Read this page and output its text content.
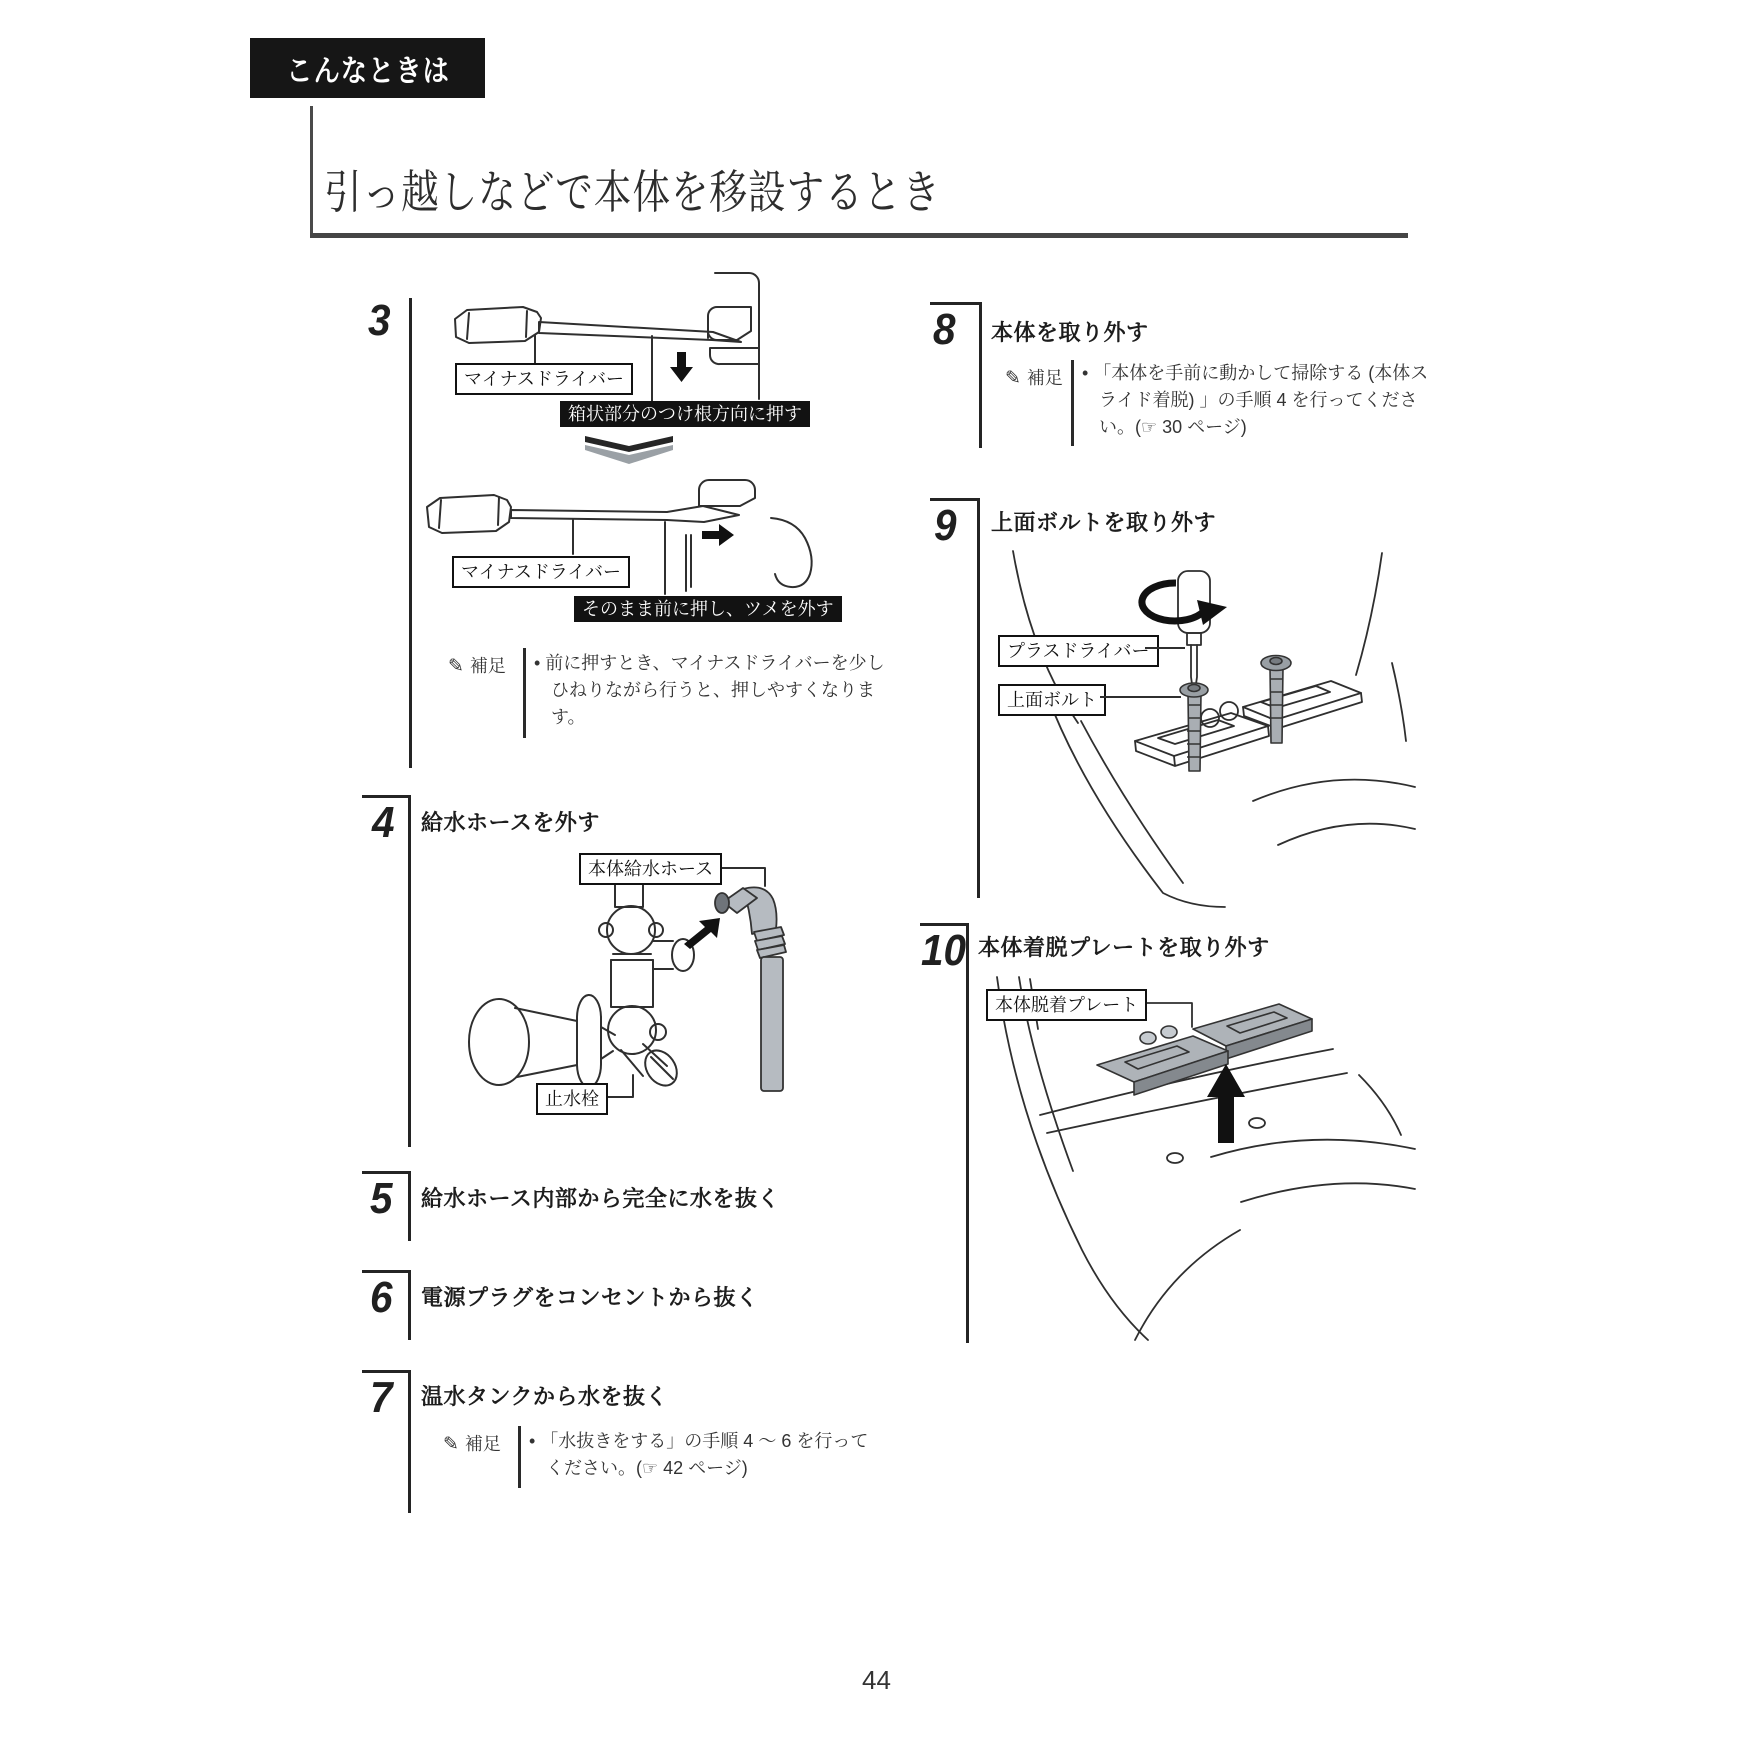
こんなときは
引っ越しなどで本体を移設するとき
3
マイナスドライバー
箱状部分のつけ根方向に押す
マイナスドライバー
そのまま前に押し、ツメを外す
✎ 補足 • 前に押すとき、マイナスドライバーを少し
ひねりながら行うと、押しやすくなりま
す。
4 給水ホースを外す
本体給水ホース
止水栓
5 給水ホース内部から完全に水を抜く
6 電源プラグをコンセントから抜く
7 温水タンクから水を抜く
✎ 補足 • 「水抜きをする」の手順 4 ～ 6 を行って
ください。(☞ 42 ページ)
8 本体を取り外す
✎ 補足 • 「本体を手前に動かして掃除する (本体ス
ライド着脱) 」の手順 4 を行ってくださ
い。(☞ 30 ページ)
9 上面ボルトを取り外す
プラスドライバー
上面ボルト
10 本体着脱プレートを取り外す
本体脱着プレート
44
